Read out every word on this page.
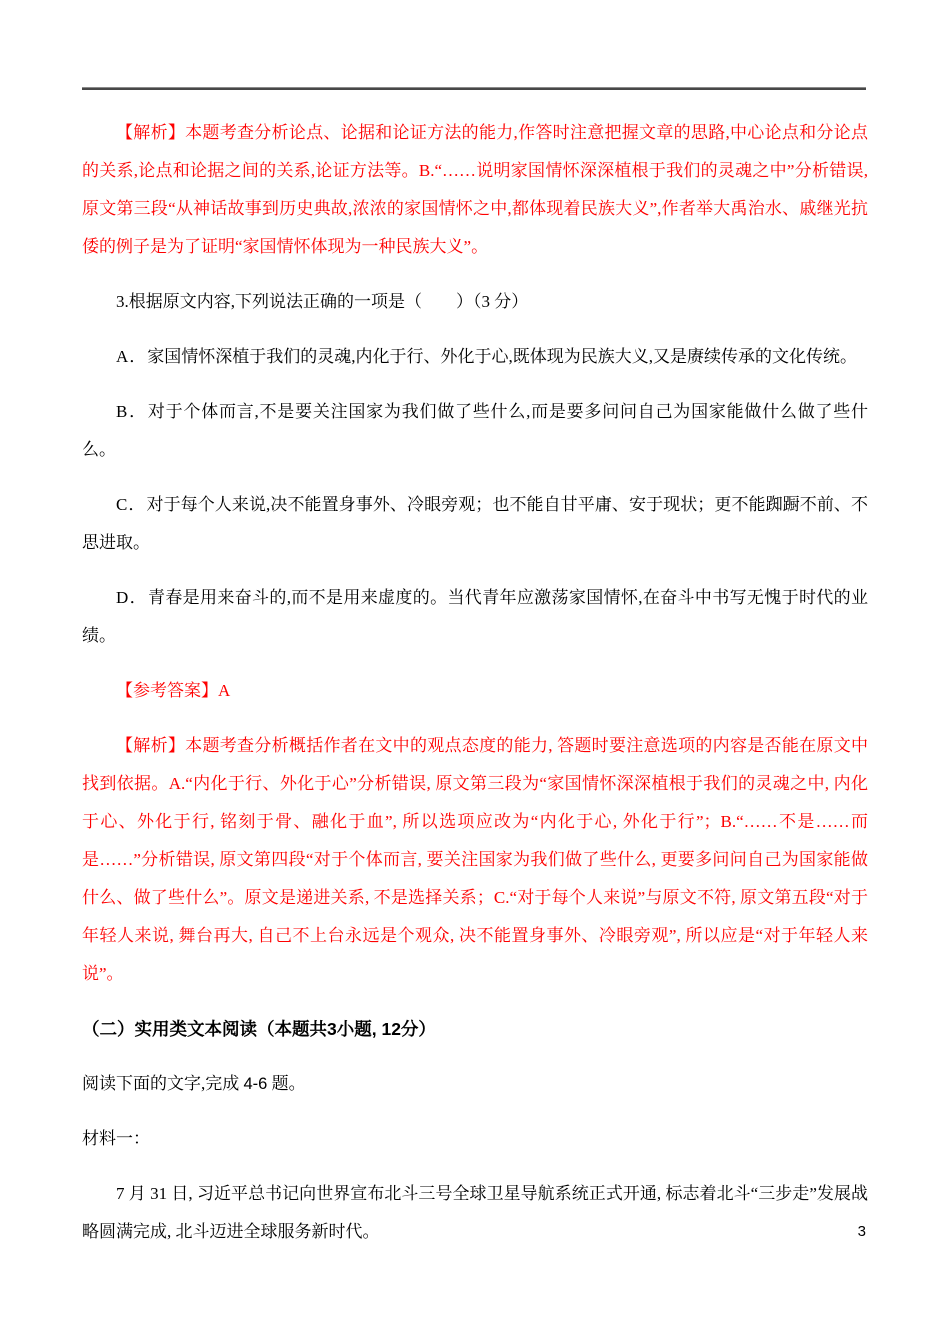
【解析】本题考查分析论点、论据和论证方法的能力,作答时注意把握文章的思路,中心论点和分论点的关系,论点和论据之间的关系,论证方法等。B.“……说明家国情怀深深植根于我们的灵魂之中”分析错误,原文第三段“从神话故事到历史典故,浓浓的家国情怀之中,都体现着民族大义”,作者举大禹治水、戚继光抗倭的例子是为了证明“家国情怀体现为一种民族大义”。

3.根据原文内容,下列说法正确的一项是（　　）（3 分）

A．家国情怀深植于我们的灵魂,内化于行、外化于心,既体现为民族大义,又是赓续传承的文化传统。

B．对于个体而言,不是要关注国家为我们做了些什么,而是要多问问自己为国家能做什么做了些什么。

C．对于每个人来说,决不能置身事外、冷眼旁观；也不能自甘平庸、安于现状；更不能踟蹰不前、不思进取。

D．青春是用来奋斗的,而不是用来虚度的。当代青年应激荡家国情怀,在奋斗中书写无愧于时代的业绩。

【参考答案】A

【解析】本题考查分析概括作者在文中的观点态度的能力, 答题时要注意选项的内容是否能在原文中找到依据。A.“内化于行、外化于心”分析错误, 原文第三段为“家国情怀深深植根于我们的灵魂之中, 内化于心、外化于行, 铭刻于骨、融化于血”, 所以选项应改为“内化于心, 外化于行”；B.“……不是……而是……”分析错误, 原文第四段“对于个体而言, 要关注国家为我们做了些什么, 更要多问问自己为国家能做什么、做了些什么”。原文是递进关系, 不是选择关系；C.“对于每个人来说”与原文不符, 原文第五段“对于年轻人来说, 舞台再大, 自己不上台永远是个观众, 决不能置身事外、冷眼旁观”, 所以应是“对于年轻人来说”。

（二）实用类文本阅读（本题共3小题, 12分）

阅读下面的文字,完成 4-6 题。

材料一：

7 月 31 日, 习近平总书记向世界宣布北斗三号全球卫星导航系统正式开通, 标志着北斗“三步走”发展战略圆满完成, 北斗迈进全球服务新时代。	3
